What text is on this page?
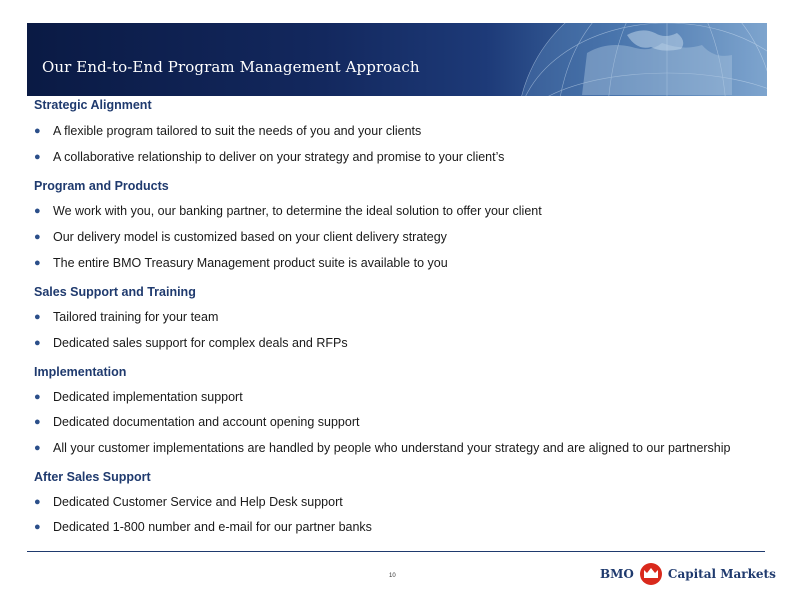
Our End-to-End Program Management Approach
Strategic Alignment
● A flexible program tailored to suit the needs of you and your clients
● A collaborative relationship to deliver on your strategy and promise to your client’s
Program and Products
● We work with you, our banking partner, to determine the ideal solution to offer your client
● Our delivery model is customized based on your client delivery strategy
● The entire BMO Treasury Management product suite is available to you
Sales Support and Training
● Tailored training for your team
● Dedicated sales support for complex deals and RFPs
Implementation
● Dedicated implementation support
● Dedicated documentation and account opening support
● All your customer implementations are handled by people who understand your strategy and are aligned to our partnership
After Sales Support
● Dedicated Customer Service and Help Desk support
● Dedicated 1-800 number and e-mail for our partner banks
10	BMO	Capital Markets
